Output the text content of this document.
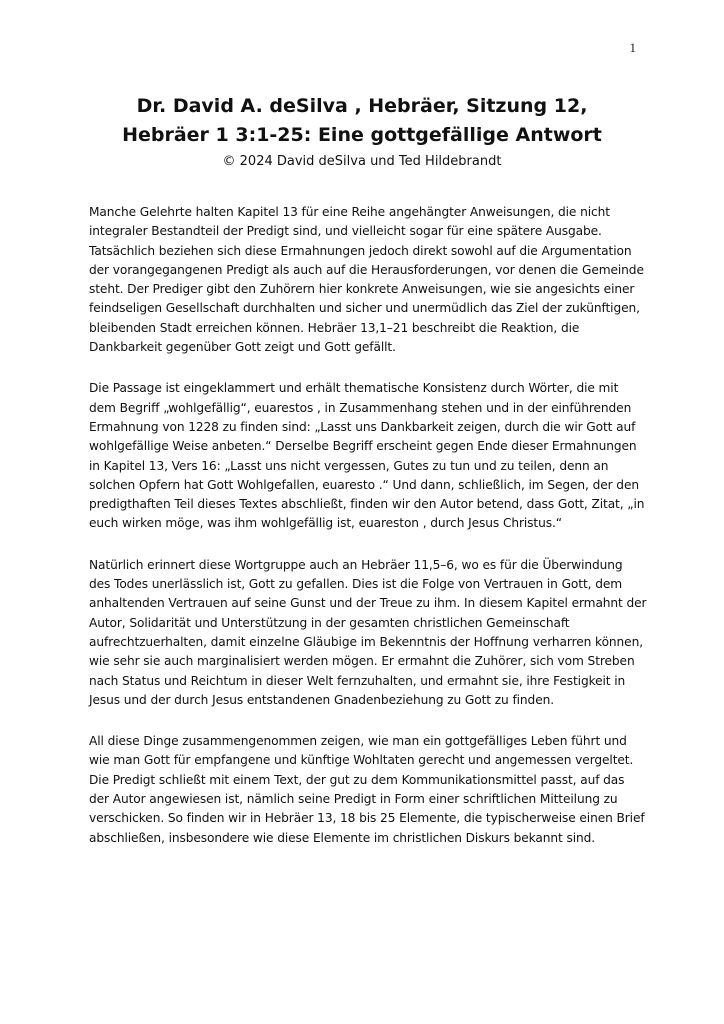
1
Dr. David A. deSilva , Hebräer, Sitzung 12,
Hebräer 1 3:1-25: Eine gottgefällige Antwort

© 2024 David deSilva und Ted Hildebrandt

Manche Gelehrte halten Kapitel 13 für eine Reihe angehängter Anweisungen, die nicht integraler Bestandteil der Predigt sind, und vielleicht sogar für eine spätere Ausgabe. Tatsächlich beziehen sich diese Ermahnungen jedoch direkt sowohl auf die Argumentation der vorangegangenen Predigt als auch auf die Herausforderungen, vor denen die Gemeinde steht. Der Prediger gibt den Zuhörern hier konkrete Anweisungen, wie sie angesichts einer feindseligen Gesellschaft durchhalten und sicher und unermüdlich das Ziel der zukünftigen, bleibenden Stadt erreichen können. Hebräer 13,1–21 beschreibt die Reaktion, die Dankbarkeit gegenüber Gott zeigt und Gott gefällt.

Die Passage ist eingeklammert und erhält thematische Konsistenz durch Wörter, die mit dem Begriff „wohlgefällig“, euarestos , in Zusammenhang stehen und in der einführenden Ermahnung von 1228 zu finden sind: „Lasst uns Dankbarkeit zeigen, durch die wir Gott auf wohlgefällige Weise anbeten.“ Derselbe Begriff erscheint gegen Ende dieser Ermahnungen in Kapitel 13, Vers 16: „Lasst uns nicht vergessen, Gutes zu tun und zu teilen, denn an solchen Opfern hat Gott Wohlgefallen, euaresto .“ Und dann, schließlich, im Segen, der den predigthaften Teil dieses Textes abschließt, finden wir den Autor betend, dass Gott, Zitat, „in euch wirken möge, was ihm wohlgefällig ist, euareston , durch Jesus Christus.“

Natürlich erinnert diese Wortgruppe auch an Hebräer 11,5–6, wo es für die Überwindung des Todes unerlässlich ist, Gott zu gefallen. Dies ist die Folge von Vertrauen in Gott, dem anhaltenden Vertrauen auf seine Gunst und der Treue zu ihm. In diesem Kapitel ermahnt der Autor, Solidarität und Unterstützung in der gesamten christlichen Gemeinschaft aufrechtzuerhalten, damit einzelne Gläubige im Bekenntnis der Hoffnung verharren können, wie sehr sie auch marginalisiert werden mögen. Er ermahnt die Zuhörer, sich vom Streben nach Status und Reichtum in dieser Welt fernzuhalten, und ermahnt sie, ihre Festigkeit in Jesus und der durch Jesus entstandenen Gnadenbeziehung zu Gott zu finden.

All diese Dinge zusammengenommen zeigen, wie man ein gottgefälliges Leben führt und wie man Gott für empfangene und künftige Wohltaten gerecht und angemessen vergeltet. Die Predigt schließt mit einem Text, der gut zu dem Kommunikationsmittel passt, auf das der Autor angewiesen ist, nämlich seine Predigt in Form einer schriftlichen Mitteilung zu verschicken. So finden wir in Hebräer 13, 18 bis 25 Elemente, die typischerweise einen Brief abschließen, insbesondere wie diese Elemente im christlichen Diskurs bekannt sind.
